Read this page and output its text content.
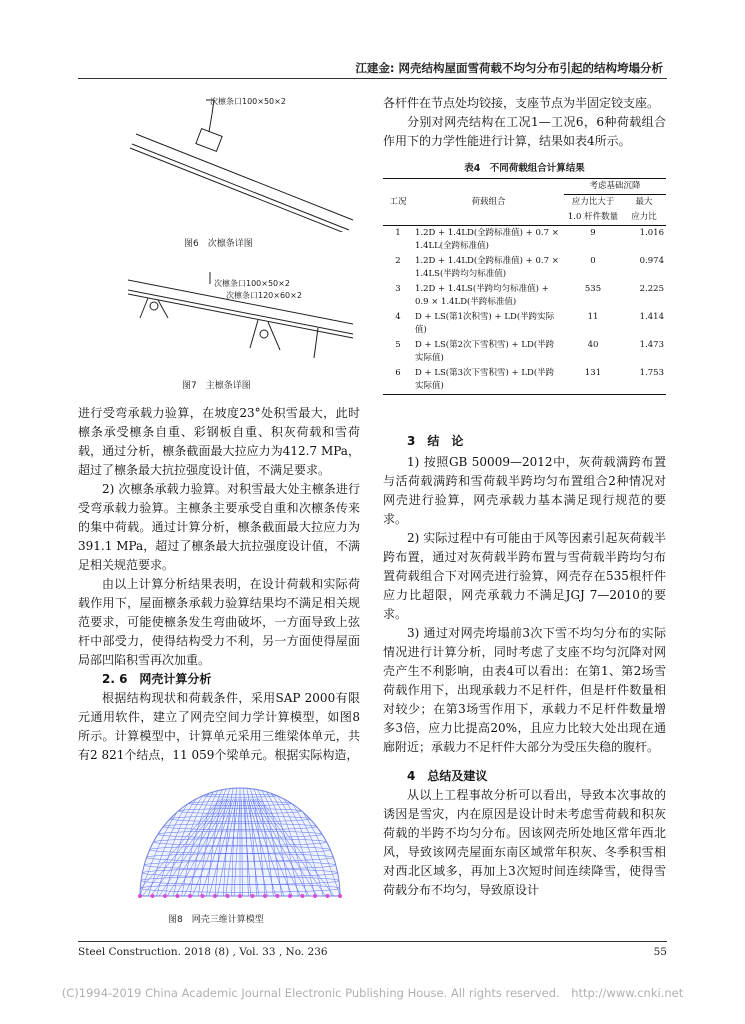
江建金: 网壳结构屋面雪荷载不均匀分布引起的结构垮塌分析
次檩条口100×50×2
图6　次檩条详图
次檩条口100×50×2
次檩条口120×60×2
图7　主檩条详图

进行受弯承载力验算，在坡度23°处积雪最大，此时檩条承受檩条自重、彩钢板自重、积灰荷载和雪荷载，通过分析，檩条截面最大拉应力为412.7 MPa，超过了檩条最大抗拉强度设计值，不满足要求。

2) 次檩条承载力验算。对积雪最大处主檩条进行受弯承载力验算。主檩条主要承受自重和次檩条传来的集中荷载。通过计算分析，檩条截面最大拉应力为391.1 MPa，超过了檩条最大抗拉强度设计值，不满足相关规范要求。

由以上计算分析结果表明，在设计荷载和实际荷载作用下，屋面檩条承载力验算结果均不满足相关规范要求，可能使檩条发生弯曲破坏，一方面导致上弦杆中部受力，使得结构受力不利，另一方面使得屋面局部凹陷积雪再次加重。

2. 6　网壳计算分析

根据结构现状和荷载条件，采用SAP 2000有限元通用软件，建立了网壳空间力学计算模型，如图8所示。计算模型中，计算单元采用三维梁体单元，共有2 821个结点，11 059个梁单元。根据实际构造，

图8　网壳三维计算模型

各杆件在节点处均铰接，支座节点为半固定铰支座。

分别对网壳结构在工况1—工况6，6种荷载组合作用下的力学性能进行计算，结果如表4所示。

表4　不同荷载组合计算结果
工况	荷载组合	考虑基础沉降	
		应力比大于	最大
		1.0 杆件数量	应力比
1	1.2D + 1.4LD(全跨标准值) + 0.7 × 1.4LL(全跨标准值)	9	1.016
2	1.2D + 1.4LD(全跨标准值) + 0.7 × 1.4LS(半跨均匀标准值)	0	0.974
3	1.2D + 1.4LS(半跨均匀标准值) + 0.9 × 1.4LD(半跨标准值)	535	2.225
4	D + LS(第1次积雪) + LD(半跨实际值)	11	1.414
5	D + LS(第2次下雪积雪) + LD(半跨实际值)	40	1.473
6	D + LS(第3次下雪积雪) + LD(半跨实际值)	131	1.753

3　结　论

1) 按照GB 50009—2012中，灰荷载满跨布置与活荷载满跨和雪荷载半跨均匀布置组合2种情况对网壳进行验算，网壳承载力基本满足现行规范的要求。

2) 实际过程中有可能由于风等因素引起灰荷载半跨布置，通过对灰荷载半跨布置与雪荷载半跨均匀布置荷载组合下对网壳进行验算，网壳存在535根杆件应力比超限，网壳承载力不满足JGJ 7—2010的要求。

3) 通过对网壳垮塌前3次下雪不均匀分布的实际情况进行计算分析，同时考虑了支座不均匀沉降对网壳产生不利影响，由表4可以看出：在第1、第2场雪荷载作用下，出现承载力不足杆件，但是杆件数量相对较少；在第3场雪作用下，承载力不足杆件数量增多3倍，应力比提高20%，且应力比较大处出现在通廊附近；承载力不足杆件大部分为受压失稳的腹杆。

4　总结及建议

从以上工程事故分析可以看出，导致本次事故的诱因是雪灾，内在原因是设计时未考虑雪荷载和积灰荷载的半跨不均匀分布。因该网壳所处地区常年西北风，导致该网壳屋面东南区域常年积灰、冬季积雪相对西北区域多，再加上3次短时间连续降雪，使得雪荷载分布不均匀，导致原设计

Steel Construction. 2018 (8) , Vol. 33 , No. 236	55
(C)1994-2019 China Academic Journal Electronic Publishing House. All rights reserved.　http://www.cnki.net
